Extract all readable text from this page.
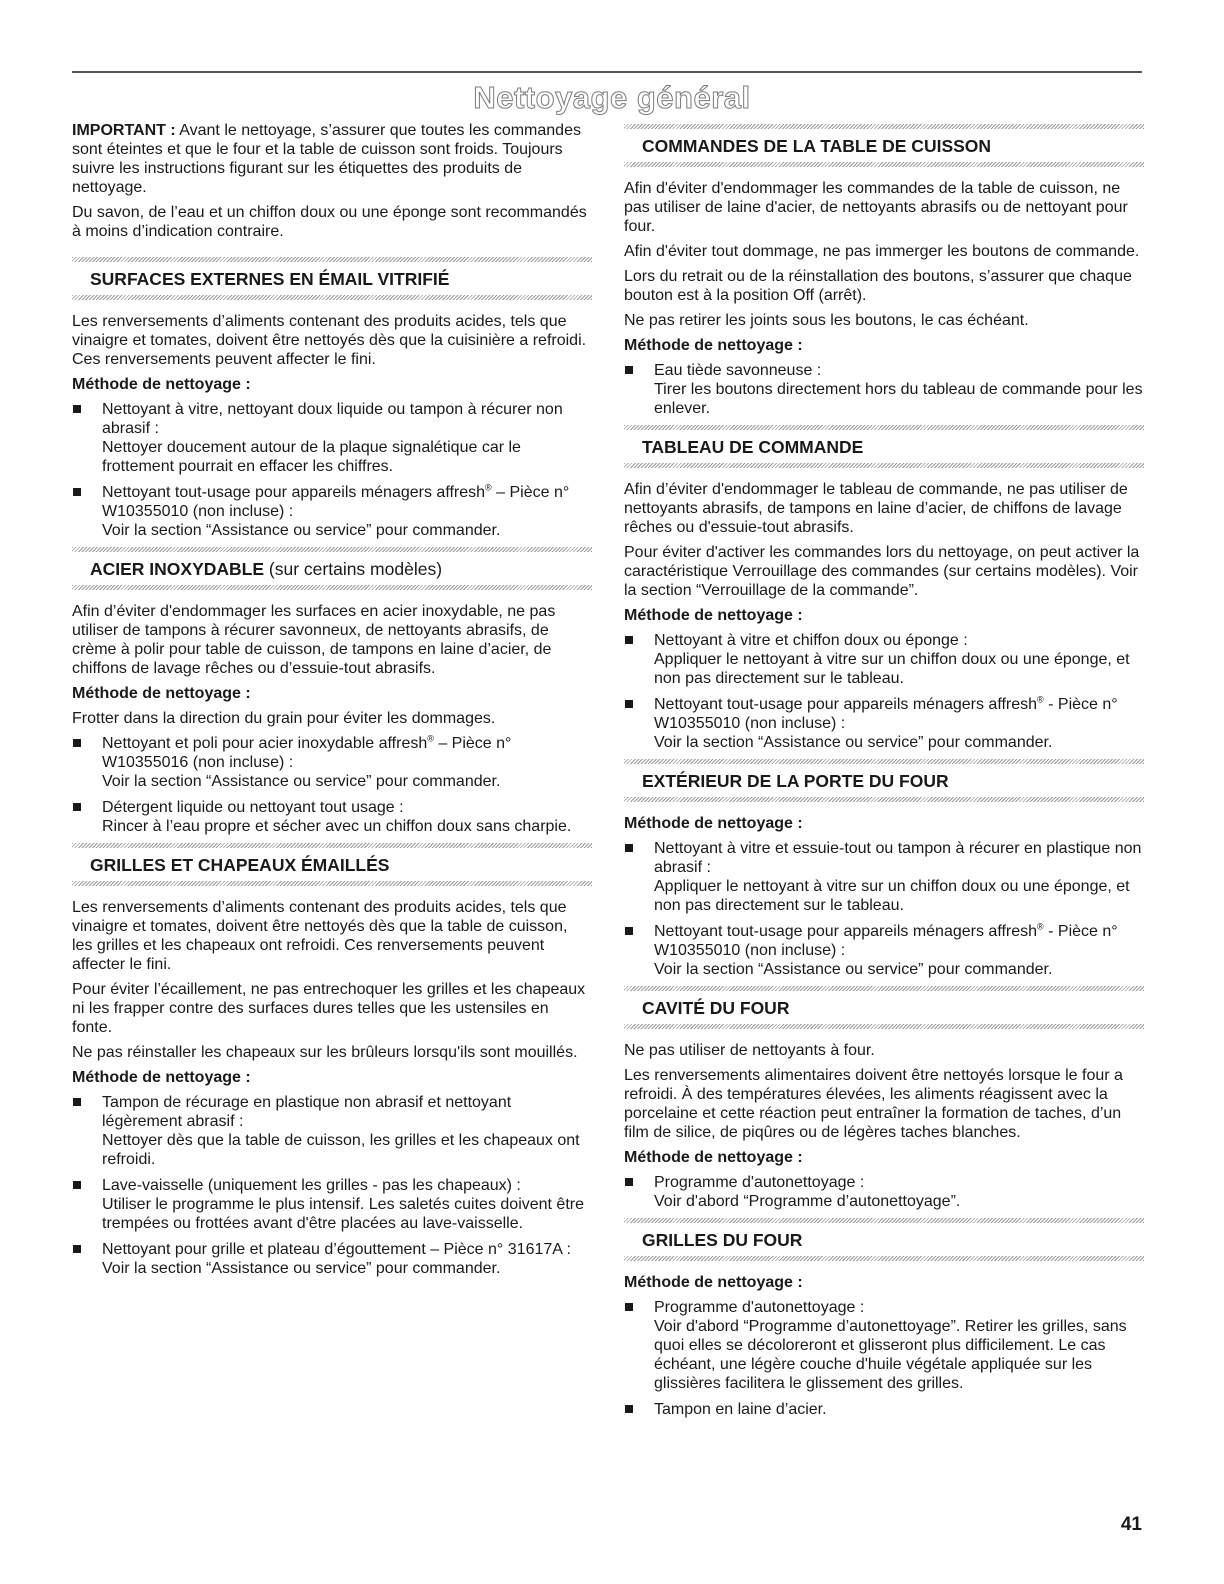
Nettoyage général

IMPORTANT : Avant le nettoyage, s’assurer que toutes les commandes sont éteintes et que le four et la table de cuisson sont froids. Toujours suivre les instructions figurant sur les étiquettes des produits de nettoyage.

Du savon, de l’eau et un chiffon doux ou une éponge sont recommandés à moins d’indication contraire.

SURFACES EXTERNES EN ÉMAIL VITRIFIÉ

Les renversements d’aliments contenant des produits acides, tels que vinaigre et tomates, doivent être nettoyés dès que la cuisinière a refroidi. Ces renversements peuvent affecter le fini.

Méthode de nettoyage :

Nettoyant à vitre, nettoyant doux liquide ou tampon à récurer non abrasif :
Nettoyer doucement autour de la plaque signalétique car le frottement pourrait en effacer les chiffres.
Nettoyant tout-usage pour appareils ménagers affresh® – Pièce n° W10355010 (non incluse) :
Voir la section “Assistance ou service” pour commander.
ACIER INOXYDABLE (sur certains modèles)

Afin d’éviter d'endommager les surfaces en acier inoxydable, ne pas utiliser de tampons à récurer savonneux, de nettoyants abrasifs, de crème à polir pour table de cuisson, de tampons en laine d’acier, de chiffons de lavage rêches ou d’essuie-tout abrasifs.

Méthode de nettoyage :

Frotter dans la direction du grain pour éviter les dommages.

Nettoyant et poli pour acier inoxydable affresh® – Pièce n° W10355016 (non incluse) :
Voir la section “Assistance ou service” pour commander.
Détergent liquide ou nettoyant tout usage :
Rincer à l’eau propre et sécher avec un chiffon doux sans charpie.
GRILLES ET CHAPEAUX ÉMAILLÉS

Les renversements d’aliments contenant des produits acides, tels que vinaigre et tomates, doivent être nettoyés dès que la table de cuisson, les grilles et les chapeaux ont refroidi. Ces renversements peuvent affecter le fini.

Pour éviter l’écaillement, ne pas entrechoquer les grilles et les chapeaux ni les frapper contre des surfaces dures telles que les ustensiles en fonte.

Ne pas réinstaller les chapeaux sur les brûleurs lorsqu'ils sont mouillés.

Méthode de nettoyage :

Tampon de récurage en plastique non abrasif et nettoyant légèrement abrasif :
Nettoyer dès que la table de cuisson, les grilles et les chapeaux ont refroidi.
Lave-vaisselle (uniquement les grilles - pas les chapeaux) :
Utiliser le programme le plus intensif. Les saletés cuites doivent être trempées ou frottées avant d'être placées au lave-vaisselle.
Nettoyant pour grille et plateau d’égouttement – Pièce n° 31617A :
Voir la section “Assistance ou service” pour commander.
COMMANDES DE LA TABLE DE CUISSON

Afin d'éviter d'endommager les commandes de la table de cuisson, ne pas utiliser de laine d'acier, de nettoyants abrasifs ou de nettoyant pour four.

Afin d'éviter tout dommage, ne pas immerger les boutons de commande.

Lors du retrait ou de la réinstallation des boutons, s’assurer que chaque bouton est à la position Off (arrêt).

Ne pas retirer les joints sous les boutons, le cas échéant.

Méthode de nettoyage :

Eau tiède savonneuse :
Tirer les boutons directement hors du tableau de commande pour les enlever.
TABLEAU DE COMMANDE

Afin d’éviter d'endommager le tableau de commande, ne pas utiliser de nettoyants abrasifs, de tampons en laine d’acier, de chiffons de lavage rêches ou d'essuie-tout abrasifs.

Pour éviter d'activer les commandes lors du nettoyage, on peut activer la caractéristique Verrouillage des commandes (sur certains modèles). Voir la section “Verrouillage de la commande”.

Méthode de nettoyage :

Nettoyant à vitre et chiffon doux ou éponge :
Appliquer le nettoyant à vitre sur un chiffon doux ou une éponge, et non pas directement sur le tableau.
Nettoyant tout-usage pour appareils ménagers affresh® - Pièce n° W10355010 (non incluse) :
Voir la section “Assistance ou service” pour commander.
EXTÉRIEUR DE LA PORTE DU FOUR

Méthode de nettoyage :

Nettoyant à vitre et essuie-tout ou tampon à récurer en plastique non abrasif :
Appliquer le nettoyant à vitre sur un chiffon doux ou une éponge, et non pas directement sur le tableau.
Nettoyant tout-usage pour appareils ménagers affresh® - Pièce n° W10355010 (non incluse) :
Voir la section “Assistance ou service” pour commander.
CAVITÉ DU FOUR

Ne pas utiliser de nettoyants à four.

Les renversements alimentaires doivent être nettoyés lorsque le four a refroidi. À des températures élevées, les aliments réagissent avec la porcelaine et cette réaction peut entraîner la formation de taches, d’un film de silice, de piqûres ou de légères taches blanches.

Méthode de nettoyage :

Programme d'autonettoyage :
Voir d'abord “Programme d’autonettoyage”.
GRILLES DU FOUR

Méthode de nettoyage :

Programme d'autonettoyage :
Voir d'abord “Programme d’autonettoyage”. Retirer les grilles, sans quoi elles se décoloreront et glisseront plus difficilement. Le cas échéant, une légère couche d'huile végétale appliquée sur les glissières facilitera le glissement des grilles.
Tampon en laine d’acier.
41
